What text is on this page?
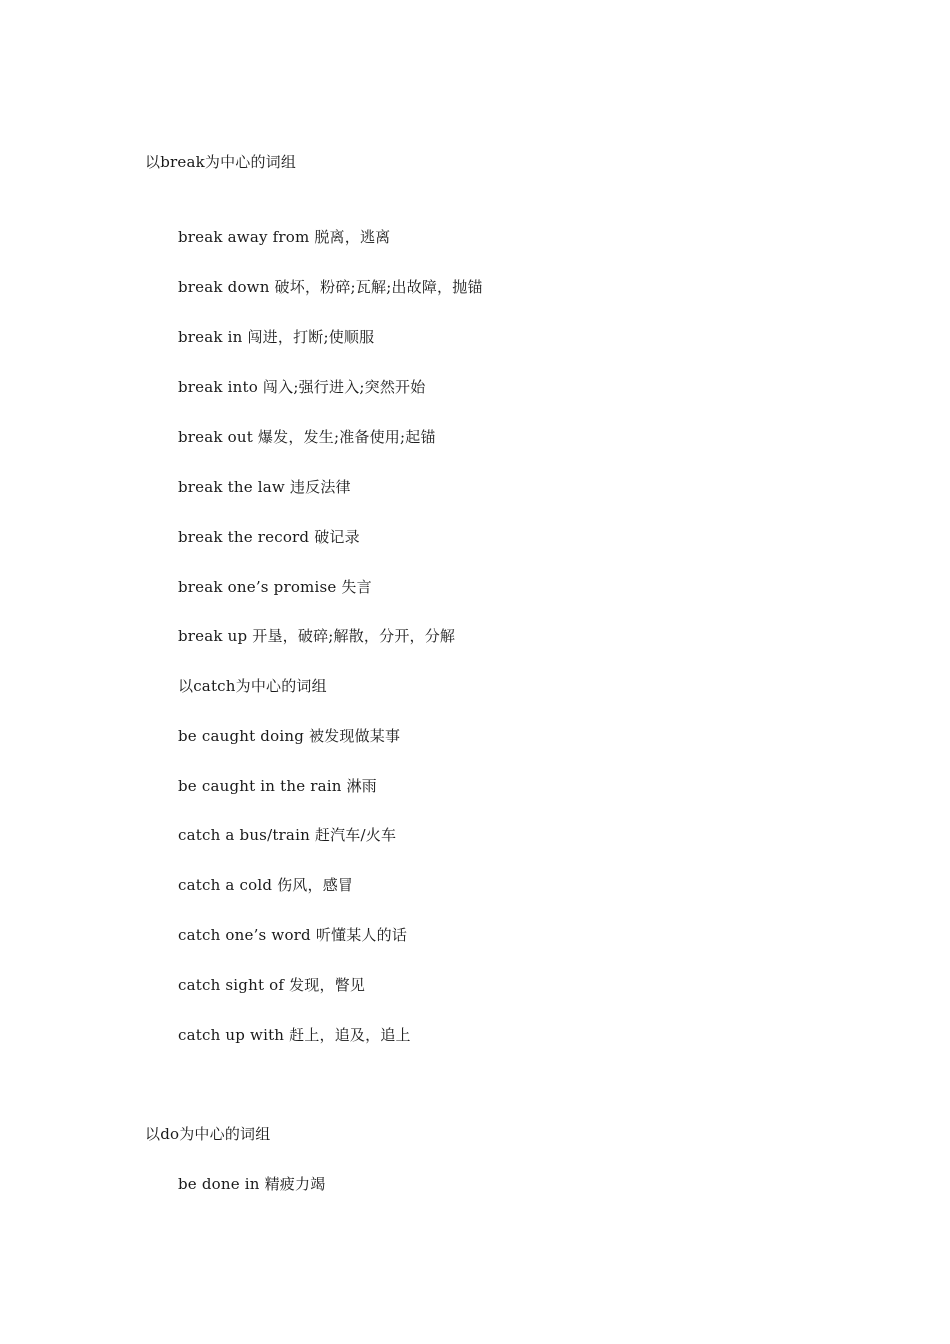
以break为中心的词组
break away from 脱离，逃离
break down 破坏，粉碎;瓦解;出故障，抛锚
break in 闯进，打断;使顺服
break into 闯入;强行进入;突然开始
break out 爆发，发生;准备使用;起锚
break the law 违反法律
break the record 破记录
break one’s promise 失言
break up 开垦，破碎;解散，分开，分解
以catch为中心的词组
be caught doing 被发现做某事
be caught in the rain 淋雨
catch a bus/train 赶汽车/火车
catch a cold 伤风，感冒
catch one’s word 听懂某人的话
catch sight of 发现，瞥见
catch up with 赶上，追及，追上
以do为中心的词组
be done in 精疲力竭
